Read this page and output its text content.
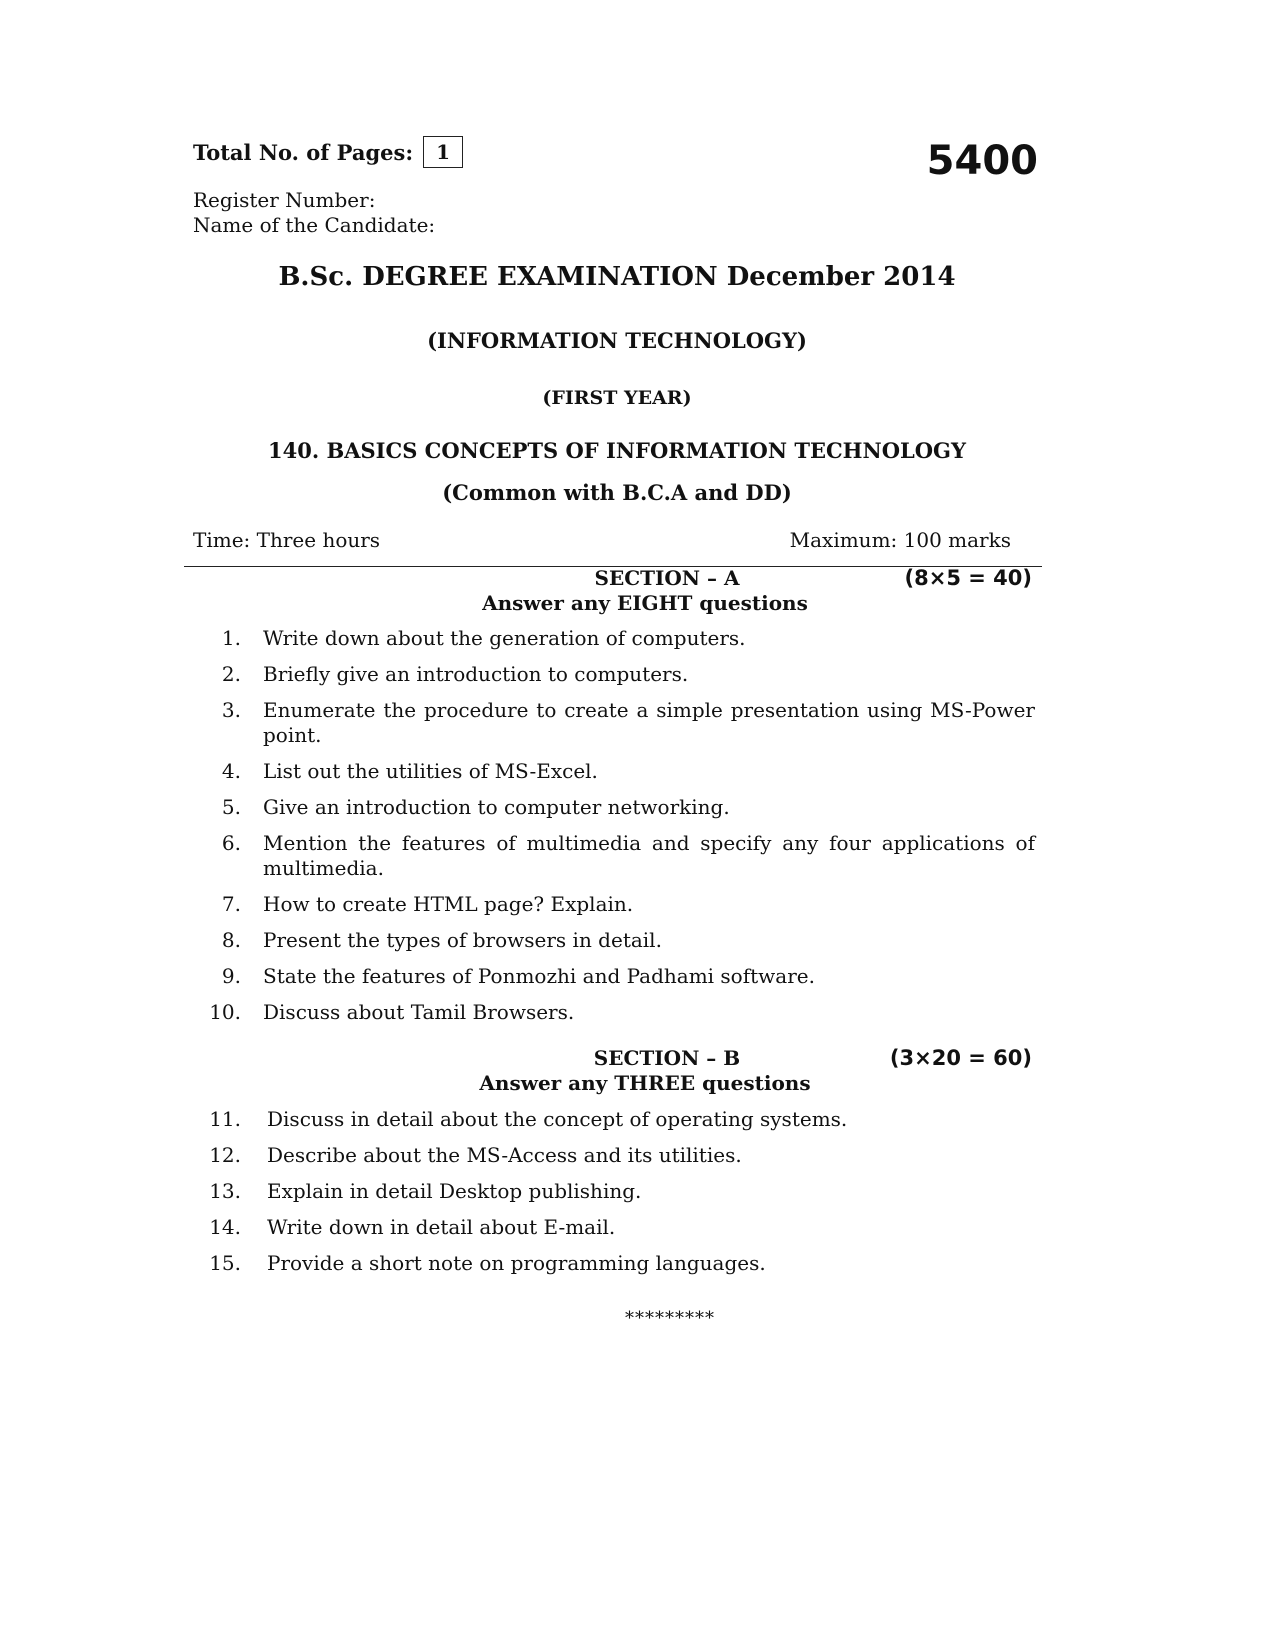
Total No. of Pages:	1	5400
Register Number:
Name of the Candidate:
B.Sc. DEGREE EXAMINATION December 2014
(INFORMATION TECHNOLOGY)
(FIRST YEAR)
140. BASICS CONCEPTS OF INFORMATION TECHNOLOGY
(Common with B.C.A and DD)
Time: Three hours	Maximum: 100 marks
SECTION – A	(8×5 = 40)
Answer any EIGHT questions
1. Write down about the generation of computers.
2. Briefly give an introduction to computers.
3. Enumerate the procedure to create a simple presentation using MS-Power point.
4. List out the utilities of MS-Excel.
5. Give an introduction to computer networking.
6. Mention the features of multimedia and specify any four applications of multimedia.
7. How to create HTML page? Explain.
8. Present the types of browsers in detail.
9. State the features of Ponmozhi and Padhami software.
10. Discuss about Tamil Browsers.
SECTION – B	(3×20 = 60)
Answer any THREE questions
11. Discuss in detail about the concept of operating systems.
12. Describe about the MS-Access and its utilities.
13. Explain in detail Desktop publishing.
14. Write down in detail about E-mail.
15. Provide a short note on programming languages.
*********
